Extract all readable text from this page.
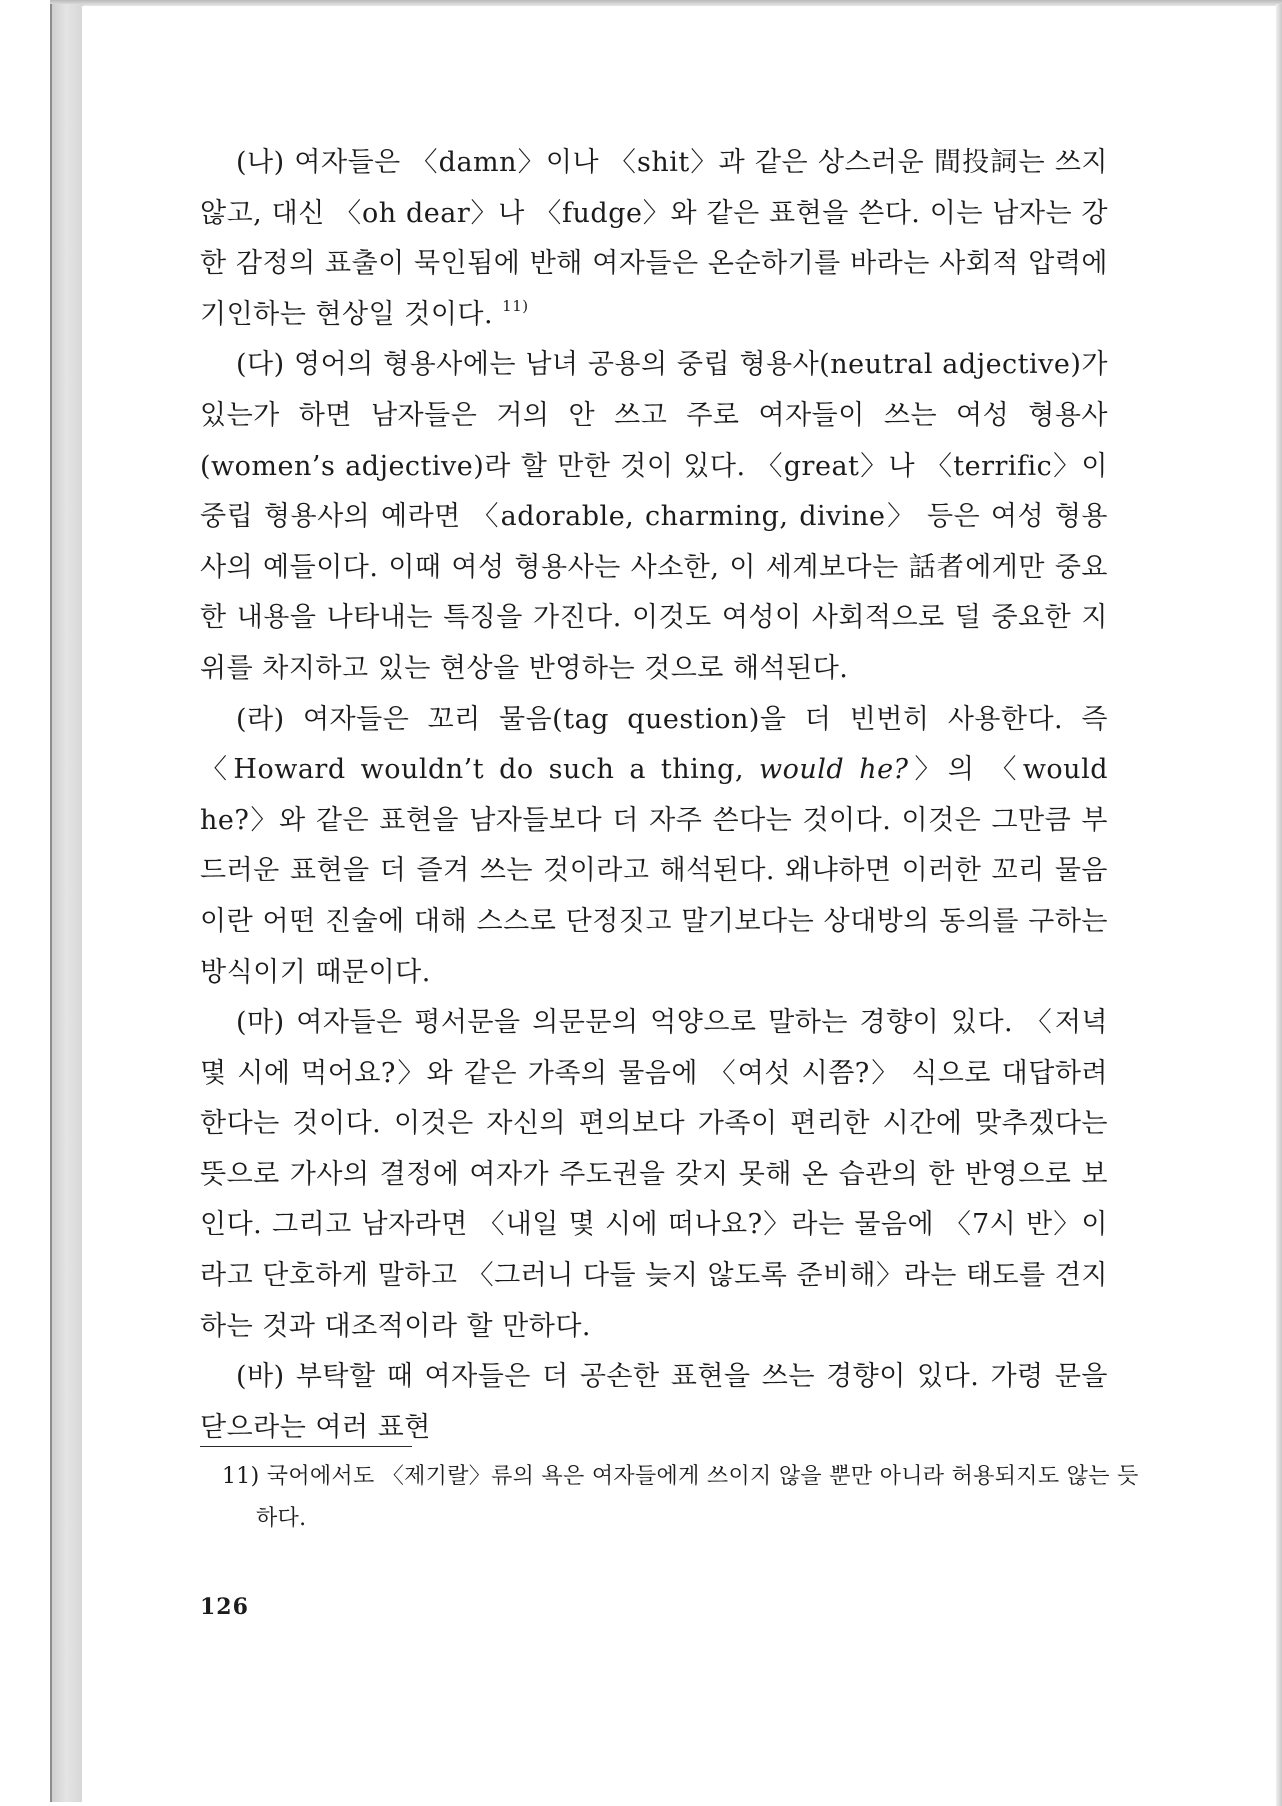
(나) 여자들은 〈damn〉이나 〈shit〉과 같은 상스러운 間投詞는 쓰지 않고, 대신 〈oh dear〉나 〈fudge〉와 같은 표현을 쓴다. 이는 남자는 강한 감정의 표출이 묵인됨에 반해 여자들은 온순하기를 바라는 사회적 압력에 기인하는 현상일 것이다. $^{11)}$

(다) 영어의 형용사에는 남녀 공용의 중립 형용사(neutral adjective)가 있는가 하면 남자들은 거의 안 쓰고 주로 여자들이 쓰는 여성 형용사(women’s adjective)라 할 만한 것이 있다. 〈great〉나 〈terrific〉이 중립 형용사의 예라면 〈adorable, charming, divine〉 등은 여성 형용사의 예들이다. 이때 여성 형용사는 사소한, 이 세계보다는 話者에게만 중요한 내용을 나타내는 특징을 가진다. 이것도 여성이 사회적으로 덜 중요한 지위를 차지하고 있는 현상을 반영하는 것으로 해석된다.

(라) 여자들은 꼬리 물음(tag question)을 더 빈번히 사용한다. 즉 〈Howard wouldn’t do such a thing, would he?〉의 〈would he?〉와 같은 표현을 남자들보다 더 자주 쓴다는 것이다. 이것은 그만큼 부드러운 표현을 더 즐겨 쓰는 것이라고 해석된다. 왜냐하면 이러한 꼬리 물음이란 어떤 진술에 대해 스스로 단정짓고 말기보다는 상대방의 동의를 구하는 방식이기 때문이다.

(마) 여자들은 평서문을 의문문의 억양으로 말하는 경향이 있다. 〈저녁 몇 시에 먹어요?〉와 같은 가족의 물음에 〈여섯 시쯤?〉 식으로 대답하려 한다는 것이다. 이것은 자신의 편의보다 가족이 편리한 시간에 맞추겠다는 뜻으로 가사의 결정에 여자가 주도권을 갖지 못해 온 습관의 한 반영으로 보인다. 그리고 남자라면 〈내일 몇 시에 떠나요?〉라는 물음에 〈7시 반〉이라고 단호하게 말하고 〈그러니 다들 늦지 않도록 준비해〉라는 태도를 견지하는 것과 대조적이라 할 만하다.

(바) 부탁할 때 여자들은 더 공손한 표현을 쓰는 경향이 있다. 가령 문을 닫으라는 여러 표현

11) 국어에서도 〈제기랄〉류의 욕은 여자들에게 쓰이지 않을 뿐만 아니라 허용되지도 않는 듯하다.

126
